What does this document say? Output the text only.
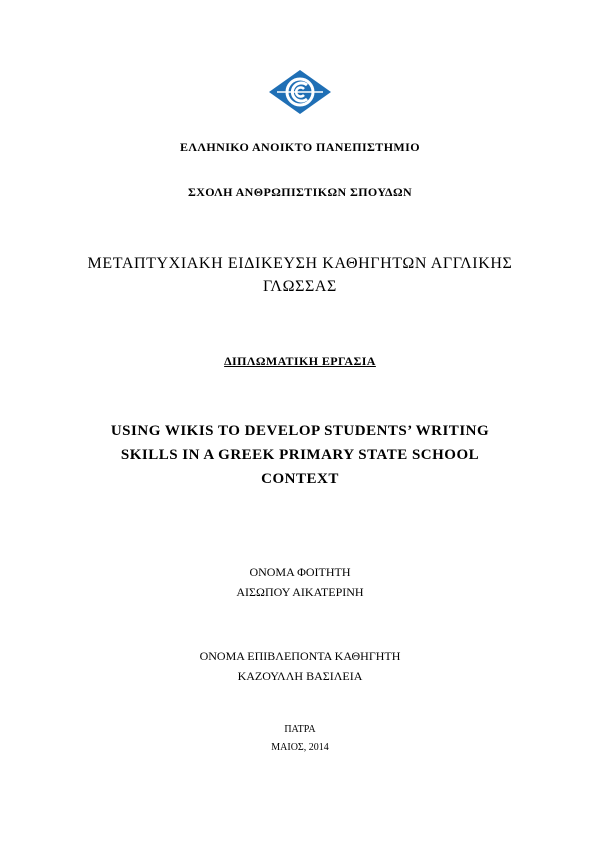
ΕΛΛΗΝΙΚΟ ΑΝΟΙΚΤΟ ΠΑΝΕΠΙΣΤΗΜΙΟ
ΣΧΟΛΗ ΑΝΘΡΩΠΙΣΤΙΚΩΝ ΣΠΟΥΔΩΝ
ΜΕΤΑΠΤΥΧΙΑΚΗ ΕΙΔΙΚΕΥΣΗ ΚΑΘΗΓΗΤΩΝ ΑΓΓΛΙΚΗΣ
ΓΛΩΣΣΑΣ
ΔΙΠΛΩΜΑΤΙΚΗ ΕΡΓΑΣΙΑ
USING WIKIS TO DEVELOP STUDENTS’ WRITING
SKILLS IN A GREEK PRIMARY STATE SCHOOL
CONTEXT
ΟΝΟΜΑ ΦΟΙΤΗΤΗ
ΑΙΣΩΠΟΥ ΑΙΚΑΤΕΡΙΝΗ
ΟΝΟΜΑ ΕΠΙΒΛΕΠΟΝΤΑ ΚΑΘΗΓΗΤΗ
ΚΑΖΟΥΛΛΗ ΒΑΣΙΛΕΙΑ
ΠΑΤΡΑ
ΜΑΙΟΣ, 2014
